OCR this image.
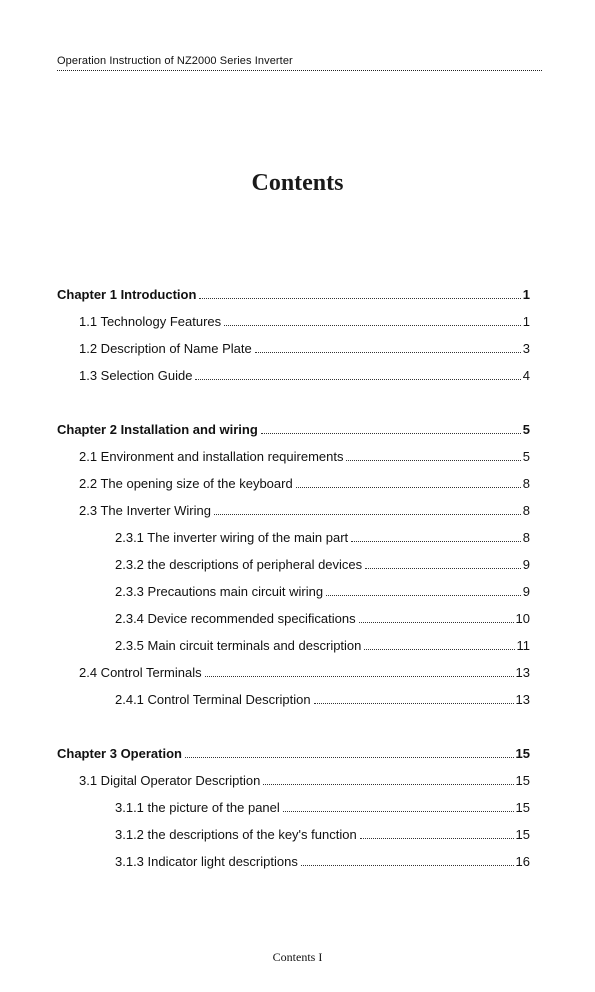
Operation Instruction of NZ2000 Series Inverter
Contents
Chapter 1 Introduction	1
1.1 Technology Features	1
1.2 Description of Name Plate	3
1.3 Selection Guide	4
Chapter 2 Installation and wiring	5
2.1 Environment and installation requirements	5
2.2 The opening size of the keyboard	8
2.3 The Inverter Wiring	8
2.3.1 The inverter wiring of the main part	8
2.3.2 the descriptions of peripheral devices	9
2.3.3 Precautions main circuit wiring	9
2.3.4 Device recommended specifications	10
2.3.5 Main circuit terminals and description	11
2.4 Control Terminals	13
2.4.1 Control Terminal Description	13
Chapter 3 Operation	15
3.1 Digital Operator Description	15
3.1.1 the picture of the panel	15
3.1.2 the descriptions of the key's function	15
3.1.3 Indicator light descriptions	16
Contents I
